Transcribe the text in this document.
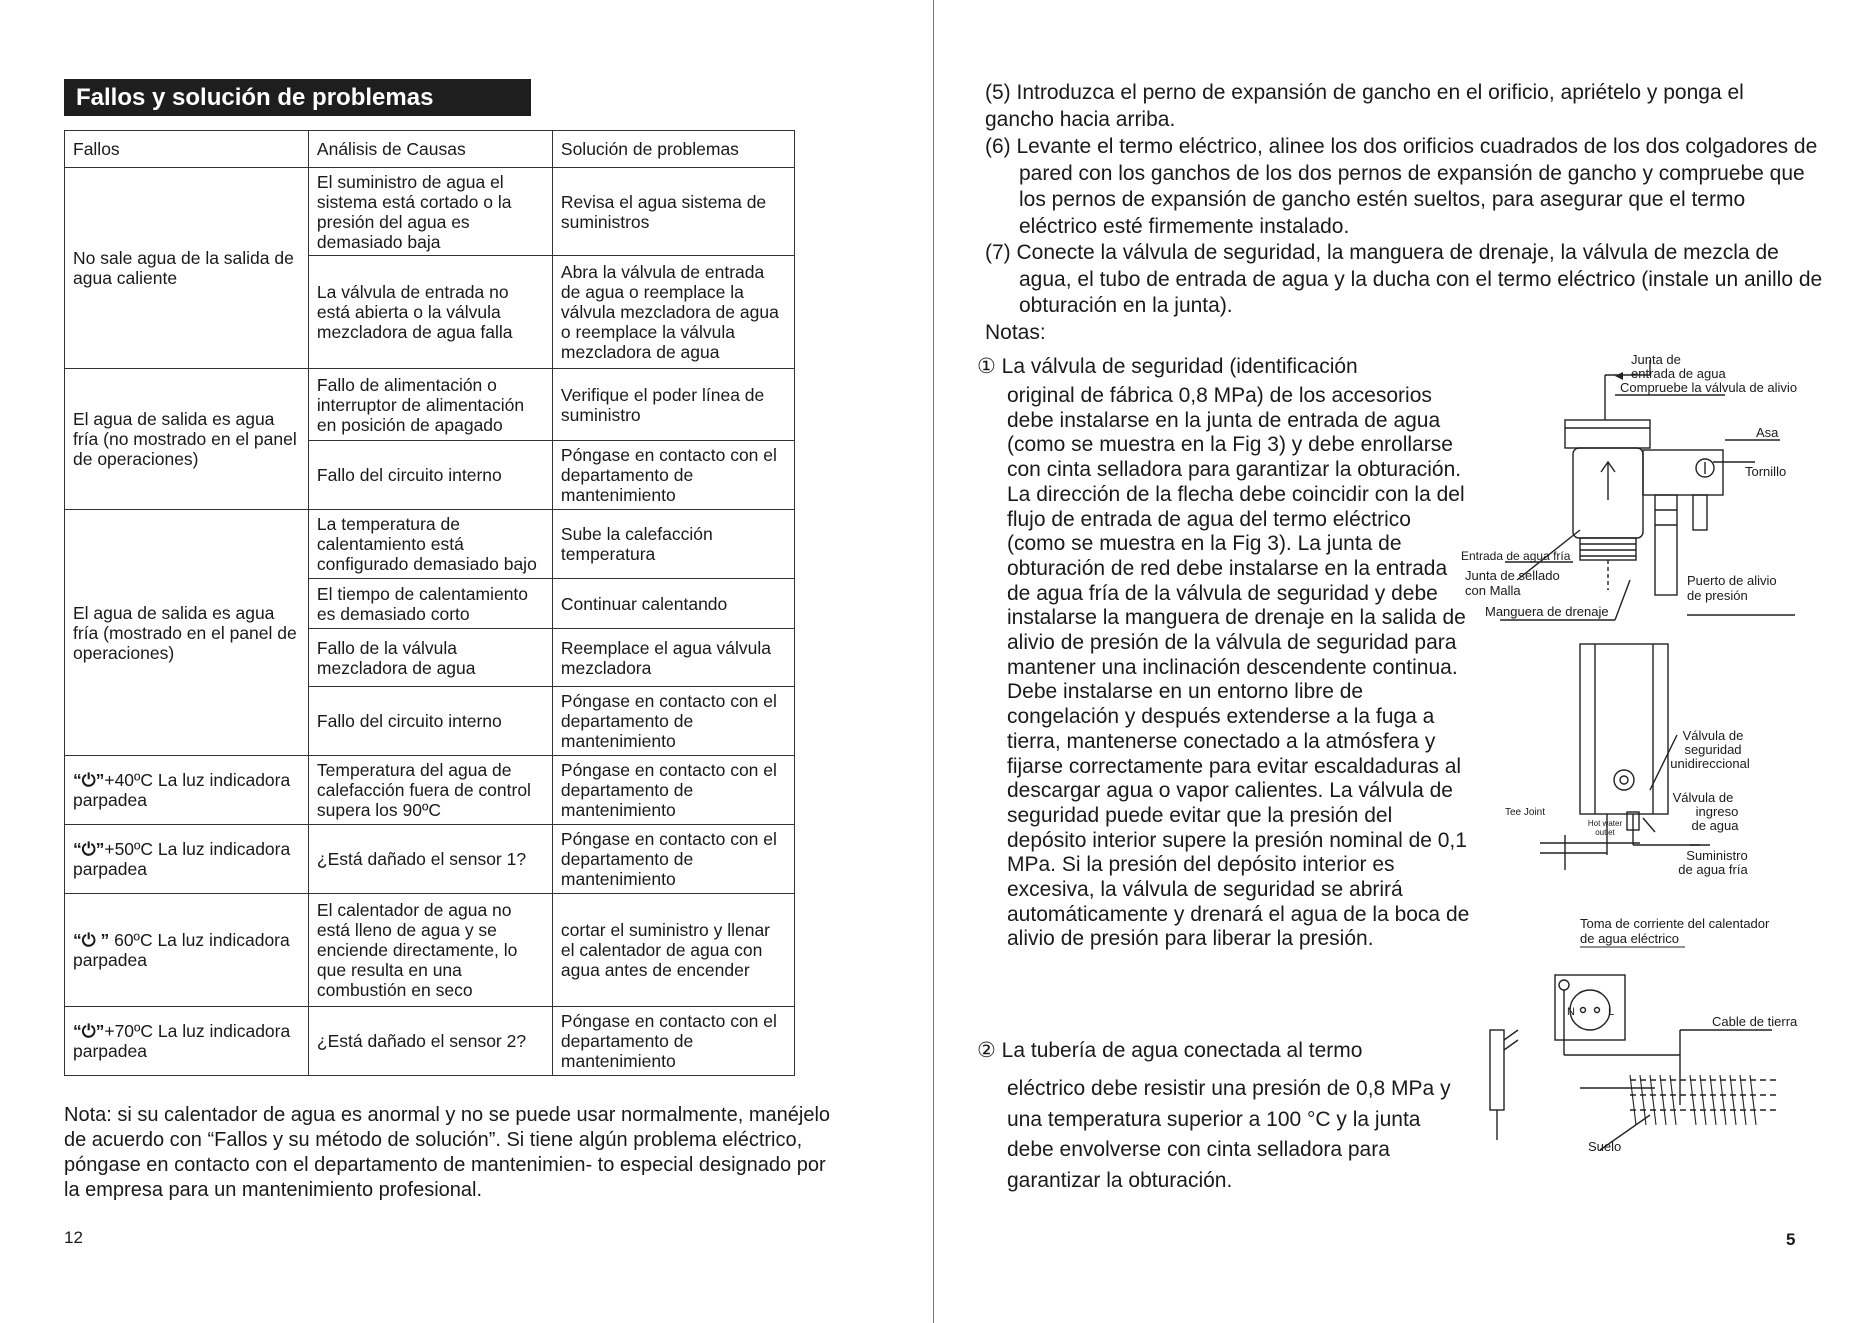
Fallos y solución de problemas
Fallos	Análisis de Causas	Solución de problemas
No sale agua de la salida de agua caliente	El suministro de agua el sistema está cortado o la presión del agua es demasiado baja	Revisa el agua sistema de suministros
	La válvula de entrada no está abierta o la válvula mezcladora de agua falla	Abra la válvula de entrada de agua o reemplace la válvula mezcladora de agua o reemplace la válvula mezcladora de agua
El agua de salida es agua fría (no mostrado en el panel de operaciones)	Fallo de alimentación o interruptor de alimentación en posición de apagado	Verifique el poder línea de suministro
	Fallo del circuito interno	Póngase en contacto con el departamento de mantenimiento
El agua de salida es agua fría (mostrado en el panel de operaciones)	La temperatura de calentamiento está configurado demasiado bajo	Sube la calefacción temperatura
	El tiempo de calentamiento es demasiado corto	Continuar calentando
	Fallo de la válvula mezcladora de agua	Reemplace el agua válvula mezcladora
	Fallo del circuito interno	Póngase en contacto con el departamento de mantenimiento
“⏻”+40ºC La luz indicadora parpadea	Temperatura del agua de calefacción fuera de control supera los 90ºC	Póngase en contacto con el departamento de mantenimiento
“⏻”+50ºC La luz indicadora parpadea	¿Está dañado el sensor 1?	Póngase en contacto con el departamento de mantenimiento
“⏻ ” 60ºC La luz indicadora parpadea	El calentador de agua no está lleno de agua y se enciende directamente, lo que resulta en una combustión en seco	cortar el suministro y llenar el calentador de agua con agua antes de encender
“⏻”+70ºC La luz indicadora parpadea	¿Está dañado el sensor 2?	Póngase en contacto con el departamento de mantenimiento
Nota: si su calentador de agua es anormal y no se puede usar normalmente, manéjelo de acuerdo con “Fallos y su método de solución”. Si tiene algún problema eléctrico, póngase en contacto con el departamento de mantenimien- to especial designado por la empresa para un mantenimiento profesional.
12
(5) Introduzca el perno de expansión de gancho en el orificio, apriételo y ponga el gancho hacia arriba.
(6) Levante el termo eléctrico, alinee los dos orificios cuadrados de los dos colgadores de pared con los ganchos de los dos pernos de expansión de gancho y compruebe que los pernos de expansión de gancho estén sueltos, para asegurar que el termo eléctrico esté firmemente instalado.
(7) Conecte la válvula de seguridad, la manguera de drenaje, la válvula de mezcla de agua, el tubo de entrada de agua y la ducha con el termo eléctrico (instale un anillo de obturación en la junta).
Notas:
① La válvula de seguridad (identificación
original de fábrica 0,8 MPa) de los accesorios debe instalarse en la junta de entrada de agua (como se muestra en la Fig 3) y debe enrollarse con cinta selladora para garantizar la obturación. La dirección de la flecha debe coincidir con la del flujo de entrada de agua del termo eléctrico (como se muestra en la Fig 3). La junta de obturación de red debe instalarse en la entrada de agua fría de la válvula de seguridad y debe instalarse la manguera de drenaje en la salida de alivio de presión de la válvula de seguridad para mantener una inclinación descendente continua. Debe instalarse en un entorno libre de congelación y después extenderse a la fuga a tierra, mantenerse conectado a la atmósfera y fijarse correctamente para evitar escaldaduras al descargar agua o vapor calientes. La válvula de seguridad puede evitar que la presión del depósito interior supere la presión nominal de 0,1 MPa. Si la presión del depósito interior es excesiva, la válvula de seguridad se abrirá automáticamente y drenará el agua de la boca de alivio de presión para liberar la presión.
② La tubería de agua conectada al termo
eléctrico debe resistir una presión de 0,8 MPa y una temperatura superior a 100 °C y la junta debe envolverse con cinta selladora para garantizar la obturación.
5
Junta de
entrada de agua
Compruebe la válvula de alivio
Asa
Tornillo
Entrada de agua fría
Junta de sellado
con Malla
Manguera de drenaje
Puerto de alivio
de presión
Válvula de
seguridad
unidireccional
Tee Joint
Hot water
outlet
Válvula de
ingreso
de agua
Suministro
de agua fría
Toma de corriente del calentador
de agua eléctrico
N	L
Cable de tierra
Suelo
